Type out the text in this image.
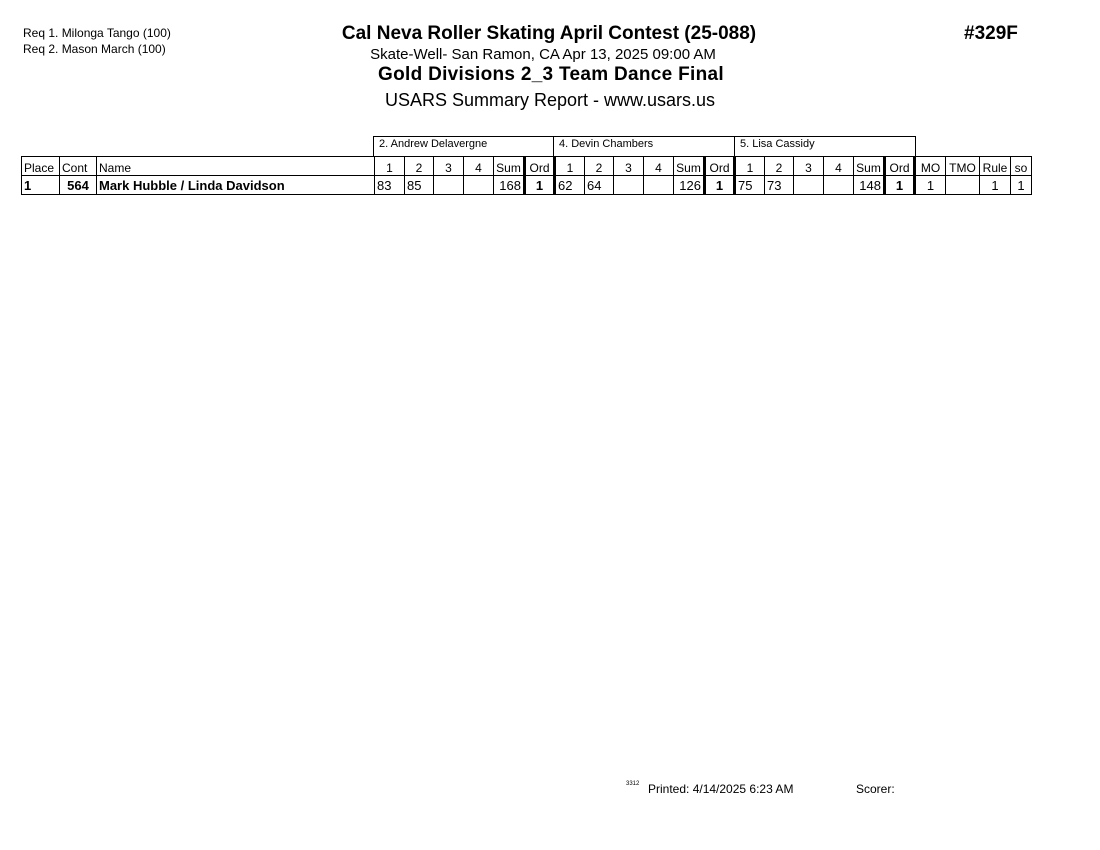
Req 1. Milonga Tango (100)
Req 2. Mason March (100)
Cal Neva Roller Skating April Contest (25-088)
Skate-Well- San Ramon, CA Apr 13, 2025 09:00 AM
Gold Divisions 2_3 Team Dance Final
USARS Summary Report - www.usars.us
#329F
2. Andrew Delavergne	4. Devin Chambers	5. Lisa Cassidy
Place	Cont	Name	1	2	3	4	Sum	Ord	1	2	3	4	Sum	Ord	1	2	3	4	Sum	Ord	MO	TMO	Rule	so
1	564	Mark Hubble / Linda Davidson	83	85			168	1	62	64			126	1	75	73			148	1	1		1	1
3312 Printed: 4/14/2025 6:23 AM	Scorer:
